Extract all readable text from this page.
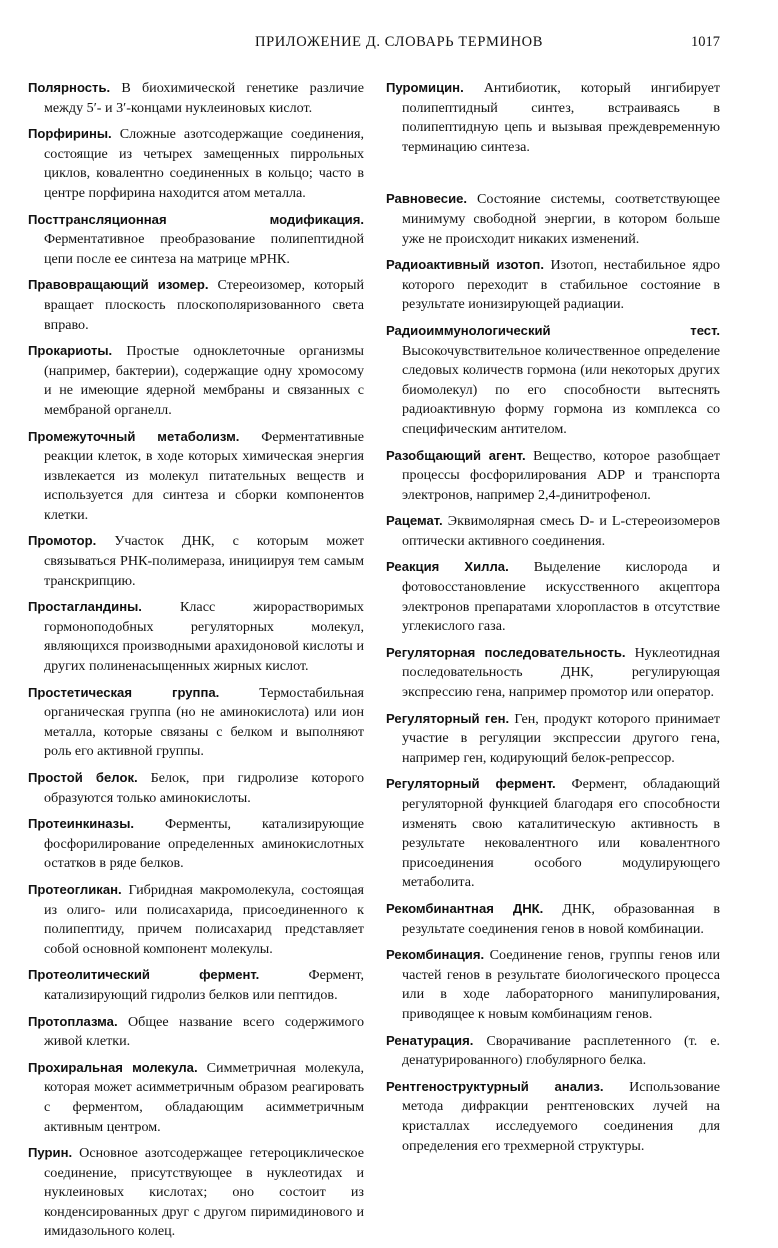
ПРИЛОЖЕНИЕ Д. СЛОВАРЬ ТЕРМИНОВ	1017

Полярность. В биохимической генетике различие между 5′- и 3′-концами нуклеиновых кислот.

Порфирины. Сложные азотсодержащие соединения, состоящие из четырех замещенных пиррольных циклов, ковалентно соединенных в кольцо; часто в центре порфирина находится атом металла.

Посттрансляционная модификация. Ферментативное преобразование полипептидной цепи после ее синтеза на матрице мРНК.

Правовращающий изомер. Стереоизомер, который вращает плоскость плоскополяризованного света вправо.

Прокариоты. Простые одноклеточные организмы (например, бактерии), содержащие одну хромосому и не имеющие ядерной мембраны и связанных с мембраной органелл.

Промежуточный метаболизм. Ферментативные реакции клеток, в ходе которых химическая энергия извлекается из молекул питательных веществ и используется для синтеза и сборки компонентов клетки.

Промотор. Участок ДНК, с которым может связываться РНК-полимераза, инициируя тем самым транскрипцию.

Простагландины.	Класс жирорастворимых гормоноподобных регуляторных молекул, являющихся производными арахидоновой кислоты и других полиненасыщенных жирных кислот.

Простетическая группа.	Термостабильная органическая группа (но не аминокислота) или ион металла, которые связаны с белком и выполняют роль его активной группы.

Простой белок. Белок, при гидролизе которого образуются только аминокислоты.

Протеинкиназы. Ферменты, катализирующие фосфорилирование определенных аминокислотных остатков в ряде белков.

Протеогликан. Гибридная макромолекула, состоящая из олиго- или полисахарида, присоединенного к полипептиду, причем полисахарид представляет собой основной компонент молекулы.

Протеолитический фермент.	Фермент, катализирующий гидролиз белков или пептидов.

Протоплазма. Общее название всего содержимого живой клетки.

Прохиральная молекула. Симметричная молекула, которая может асимметричным образом реагировать с ферментом, обладающим асимметричным активным центром.

Пурин. Основное азотсодержащее гетероциклическое соединение, присутствующее в нуклеотидах и нуклеиновых кислотах; оно состоит из конденсированных друг с другом пиримидинового и имидазольного колец.

Пуромицин. Антибиотик, который ингибирует полипептидный синтез, встраиваясь в полипептидную цепь и вызывая преждевременную терминацию синтеза.

Равновесие. Состояние системы, соответствующее минимуму свободной энергии, в котором больше уже не происходит никаких изменений.

Радиоактивный изотоп. Изотоп, нестабильное ядро которого переходит в стабильное состояние в результате ионизирующей радиации.

Радиоиммунологический тест. Высокочувствительное количественное определение следовых количеств гормона (или некоторых других биомолекул) по его способности вытеснять радиоактивную форму гормона из комплекса со специфическим антителом.

Разобщающий агент. Вещество, которое разобщает процессы фосфорилирования ADP и транспорта электронов, например 2,4-динитрофенол.

Рацемат. Эквимолярная смесь D- и L-стереоизомеров оптически активного соединения.

Реакция Хилла. Выделение кислорода и фотовосстановление искусственного акцептора электронов препаратами хлоропластов в отсутствие углекислого газа.

Регуляторная последовательность. Нуклеотидная последовательность ДНК, регулирующая экспрессию гена, например промотор или оператор.

Регуляторный ген. Ген, продукт которого принимает участие в регуляции экспрессии другого гена, например ген, кодирующий белок-репрессор.

Регуляторный фермент. Фермент, обладающий регуляторной функцией благодаря его способности изменять свою каталитическую активность в результате нековалентного или ковалентного присоединения особого модулирующего метаболита.

Рекомбинантная ДНК. ДНК, образованная в результате соединения генов в новой комбинации.

Рекомбинация. Соединение генов, группы генов или частей генов в результате биологического процесса или в ходе лабораторного манипулирования, приводящее к новым комбинациям генов.

Ренатурация. Сворачивание расплетенного (т. е. денатурированного) глобулярного белка.

Рентгеноструктурный анализ. Использование метода дифракции рентгеновских лучей на кристаллах исследуемого соединения для определения его трехмерной структуры.
